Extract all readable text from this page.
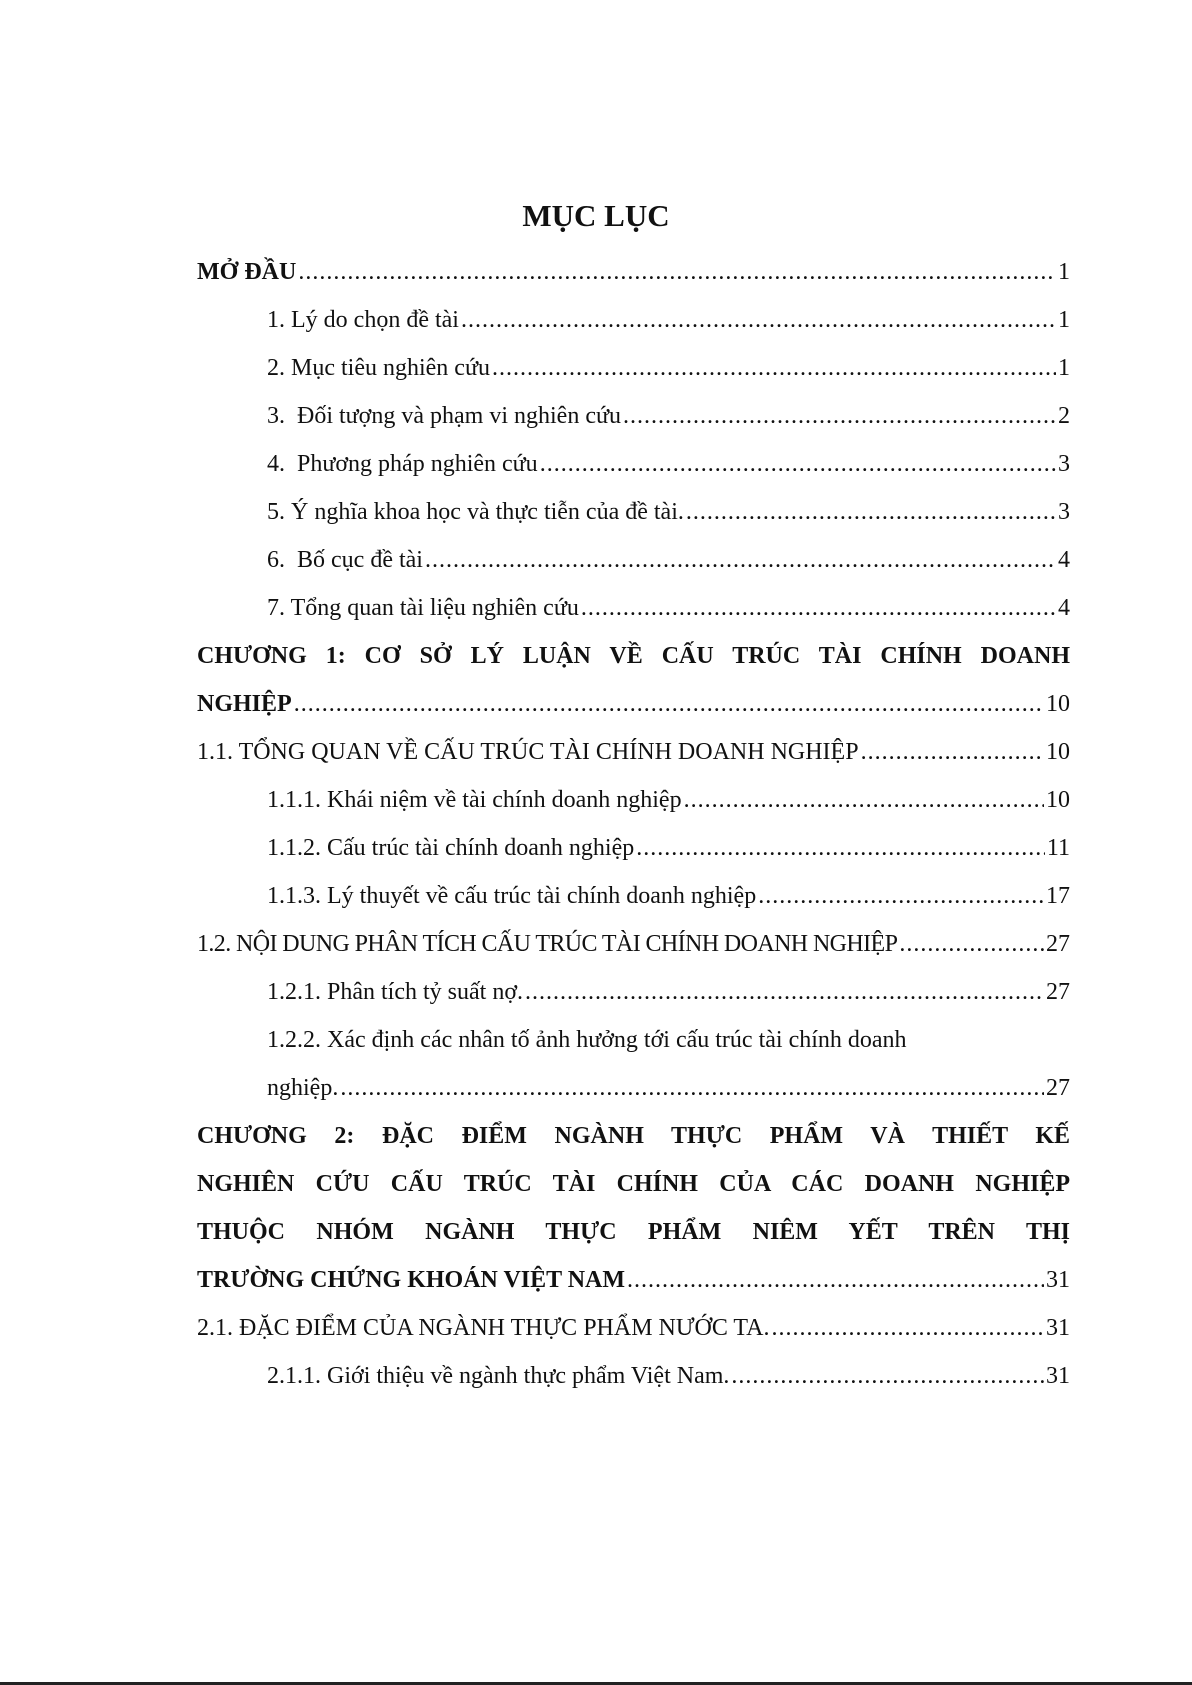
MỤC LỤC
MỞ ĐẦU .....	1
1. Lý do chọn đề tài .....	1
2. Mục tiêu nghiên cứu .....	1
3.  Đối tượng và phạm vi nghiên cứu .....	2
4.  Phương pháp nghiên cứu .....	3
5. Ý nghĩa khoa học và thực tiễn của đề tài. .....	3
6.  Bố cục đề tài .....	4
7. Tổng quan tài liệu nghiên cứu .....	4
CHƯƠNG 1: CƠ SỞ LÝ LUẬN VỀ CẤU TRÚC TÀI CHÍNH DOANH
NGHIỆP .....	10
1.1. TỔNG QUAN VỀ CẤU TRÚC TÀI CHÍNH DOANH NGHIỆP .....	10
1.1.1. Khái niệm về tài chính doanh nghiệp .....	10
1.1.2. Cấu trúc tài chính doanh nghiệp .....	11
1.1.3. Lý thuyết về cấu trúc tài chính doanh nghiệp .....	17
1.2. NỘI DUNG PHÂN TÍCH CẤU TRÚC TÀI CHÍNH DOANH NGHIỆP .....	27
1.2.1. Phân tích tỷ suất nợ. .....	27
1.2.2. Xác định các nhân tố ảnh hưởng tới cấu trúc tài chính doanh
nghiệp. .....	27
CHƯƠNG 2: ĐẶC ĐIỂM NGÀNH THỰC PHẨM VÀ THIẾT KẾ
NGHIÊN CỨU CẤU TRÚC TÀI CHÍNH CỦA CÁC DOANH NGHIỆP
THUỘC NHÓM NGÀNH THỰC PHẨM NIÊM YẾT TRÊN THỊ
TRƯỜNG CHỨNG KHOÁN VIỆT NAM .....	31
2.1. ĐẶC ĐIỂM CỦA NGÀNH THỰC PHẨM NƯỚC TA. .....	31
2.1.1. Giới thiệu về ngành thực phẩm Việt Nam. .....	31
